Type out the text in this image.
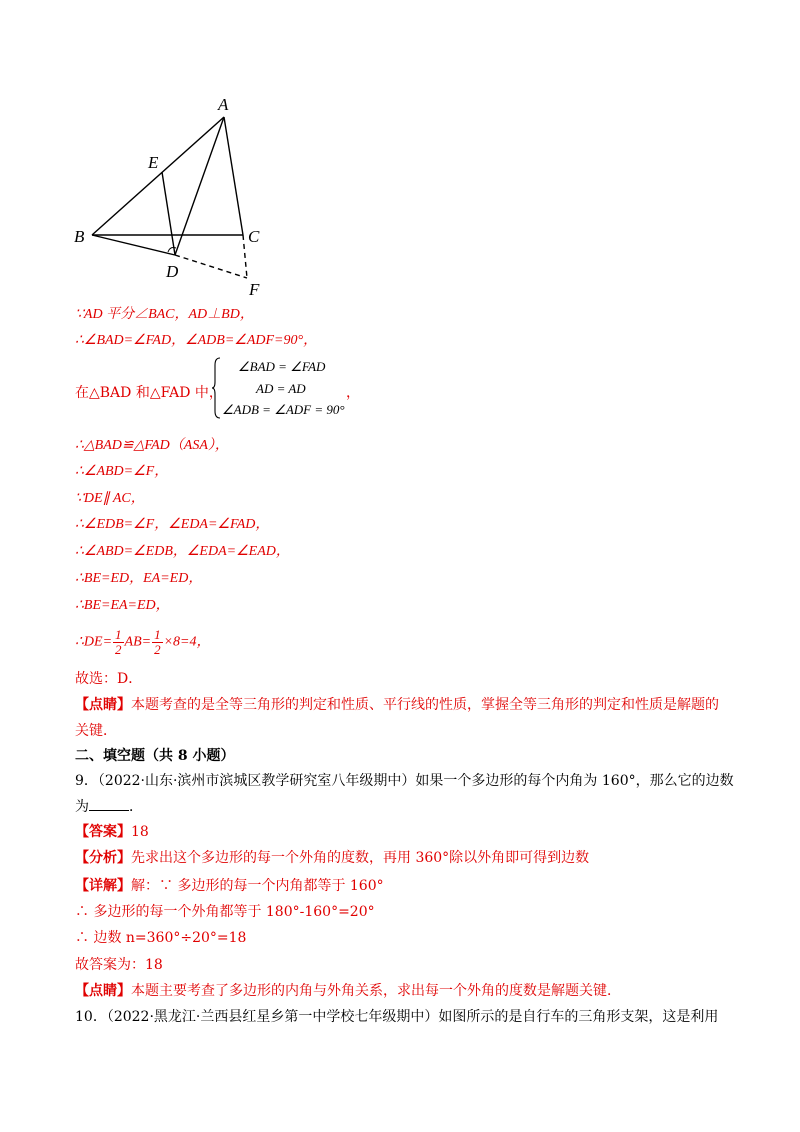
A
E
B	C
D
F
∵AD 平分∠BAC，AD⊥BD，
∴∠BAD=∠FAD，∠ADB=∠ADF=90°，
在△BAD 和△FAD 中，
∠BAD = ∠FAD
AD = AD
∠ADB = ∠ADF = 90°
，
∴△BAD≌△FAD（ASA），
∴∠ABD=∠F，
∵DE∥ AC，
∴∠EDB=∠F，∠EDA=∠FAD，
∴∠ABD=∠EDB，∠EDA=∠EAD，
∴BE=ED，EA=ED，
∴BE=EA=ED，
∴DE= $\frac{1}{2} AB= \frac{1}{2} \times 8=4$，
故选：D．
【点睛】本题考查的是全等三角形的判定和性质、平行线的性质，掌握全等三角形的判定和性质是解题的
关键．
二、填空题（共 8 小题）
9．（2022·山东·滨州市滨城区教学研究室八年级期中）如果一个多边形的每个内角为 160°，那么它的边数
为	．
【答案】18
【分析】先求出这个多边形的每一个外角的度数，再用 360°除以外角即可得到边数
【详解】解：∵ 多边形的每一个内角都等于 160°
∴ 多边形的每一个外角都等于 180°-160°=20°
∴ 边数 n=360°÷20°=18
故答案为：18
【点睛】本题主要考查了多边形的内角与外角关系，求出每一个外角的度数是解题关键．
10．（2022·黑龙江·兰西县红星乡第一中学校七年级期中）如图所示的是自行车的三角形支架，这是利用
